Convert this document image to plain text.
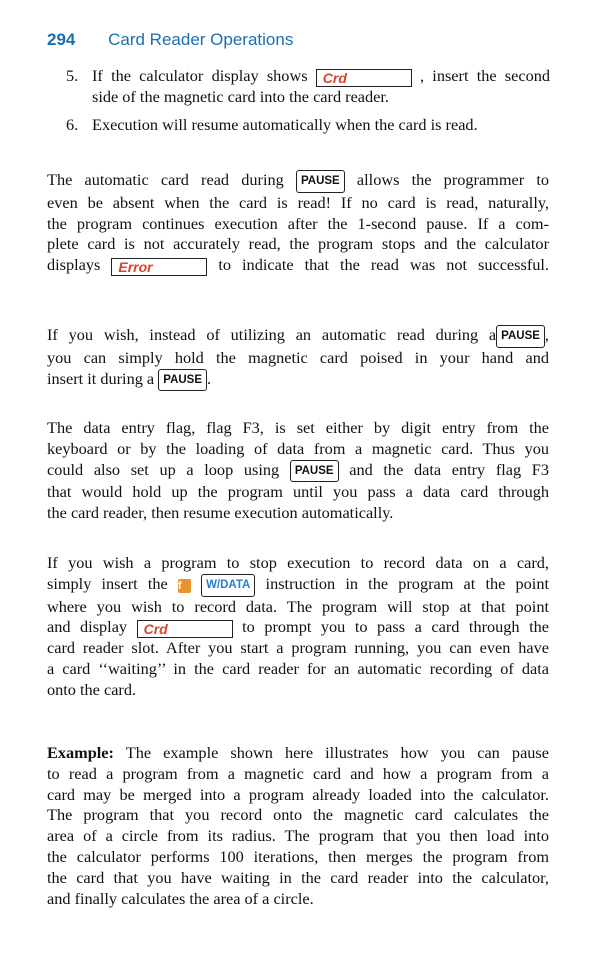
294 Card Reader Operations
5. If the calculator display shows Crd	, insert the second
side of the magnetic card into the card reader.
6. Execution will resume automatically when the card is read.
The automatic card read during PAUSE allows the programmer to
even be absent when the card is read! If no card is read, naturally,
the program continues execution after the 1-second pause. If a com-
plete card is not accurately read, the program stops and the calculator
displays Error	to indicate that the read was not successful.
If you wish, instead of utilizing an automatic read during a PAUSE ,
you can simply hold the magnetic card poised in your hand and
insert it during a PAUSE .
The data entry flag, flag F3, is set either by digit entry from the
keyboard or by the loading of data from a magnetic card. Thus you
could also set up a loop using PAUSE and the data entry flag F3
that would hold up the program until you pass a data card through
the card reader, then resume execution automatically.
If you wish a program to stop execution to record data on a card,
simply insert the f W/DATA instruction in the program at the point
where you wish to record data. The program will stop at that point
and display Crd	to prompt you to pass a card through the
card reader slot. After you start a program running, you can even have
a card ‘‘waiting’’ in the card reader for an automatic recording of data
onto the card.
Example: The example shown here illustrates how you can pause
to read a program from a magnetic card and how a program from a
card may be merged into a program already loaded into the calculator.
The program that you record onto the magnetic card calculates the
area of a circle from its radius. The program that you then load into
the calculator performs 100 iterations, then merges the program from
the card that you have waiting in the card reader into the calculator,
and finally calculates the area of a circle.
